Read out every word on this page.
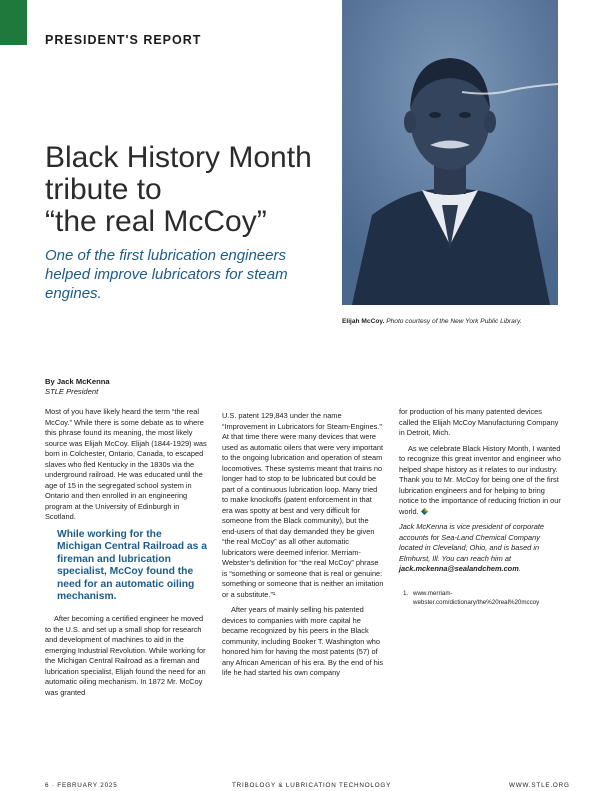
PRESIDENT'S REPORT
Black History Month
tribute to
“the real McCoy”

One of the first lubrication engineers helped improve lubricators for steam engines.

Elijah McCoy. Photo courtesy of the New York Public Library.
By Jack McKenna
STLE President

Most of you have likely heard the term “the real McCoy.” While there is some debate as to where this phrase found its meaning, the most likely source was Elijah McCoy. Elijah (1844-1929) was born in Colchester, Ontario, Canada, to escaped slaves who fled Kentucky in the 1830s via the underground railroad. He was educated until the age of 15 in the segregated school system in Ontario and then enrolled in an engineering program at the University of Edinburgh in Scotland.

While working for the Michigan Central Railroad as a fireman and lubrication specialist, McCoy found the need for an automatic oiling mechanism.

After becoming a certified engineer he moved to the U.S. and set up a small shop for research and development of machines to aid in the emerging Industrial Revolution. While working for the Michigan Central Railroad as a fireman and lubrication specialist, Elijah found the need for an automatic oiling mechanism. In 1872 Mr. McCoy was granted

U.S. patent 129,843 under the name “Improvement in Lubricators for Steam-Engines.” At that time there were many devices that were used as automatic oilers that were very important to the ongoing lubrication and operation of steam locomotives. These systems meant that trains no longer had to stop to be lubricated but could be part of a continuous lubrication loop. Many tried to make knockoffs (patent enforcement in that era was spotty at best and very difficult for someone from the Black community), but the end-users of that day demanded they be given “the real McCoy” as all other automatic lubricators were deemed inferior. Merriam-Webster’s definition for “the real McCoy” phrase is “something or someone that is real or genuine: something or someone that is neither an imitation or a substitute.”¹

After years of mainly selling his patented devices to companies with more capital he became recognized by his peers in the Black community, including Booker T. Washington who honored him for having the most patents (57) of any African American of his era. By the end of his life he had started his own company

for production of his many patented devices called the Elijah McCoy Manufacturing Company in Detroit, Mich.

As we celebrate Black History Month, I wanted to recognize this great inventor and engineer who helped shape history as it relates to our industry. Thank you to Mr. McCoy for being one of the first lubrication engineers and for helping to bring notice to the importance of reducing friction in our world.

Jack McKenna is vice president of corporate accounts for Sea-Land Chemical Company located in Cleveland, Ohio, and is based in Elmhurst, Ill. You can reach him at jack.mckenna@sealandchem.com.

1. www.merriam-webster.com/dictionary/the%20real%20mccoy
6 · FEBRUARY 2025	TRIBOLOGY & LUBRICATION TECHNOLOGY	WWW.STLE.ORG
